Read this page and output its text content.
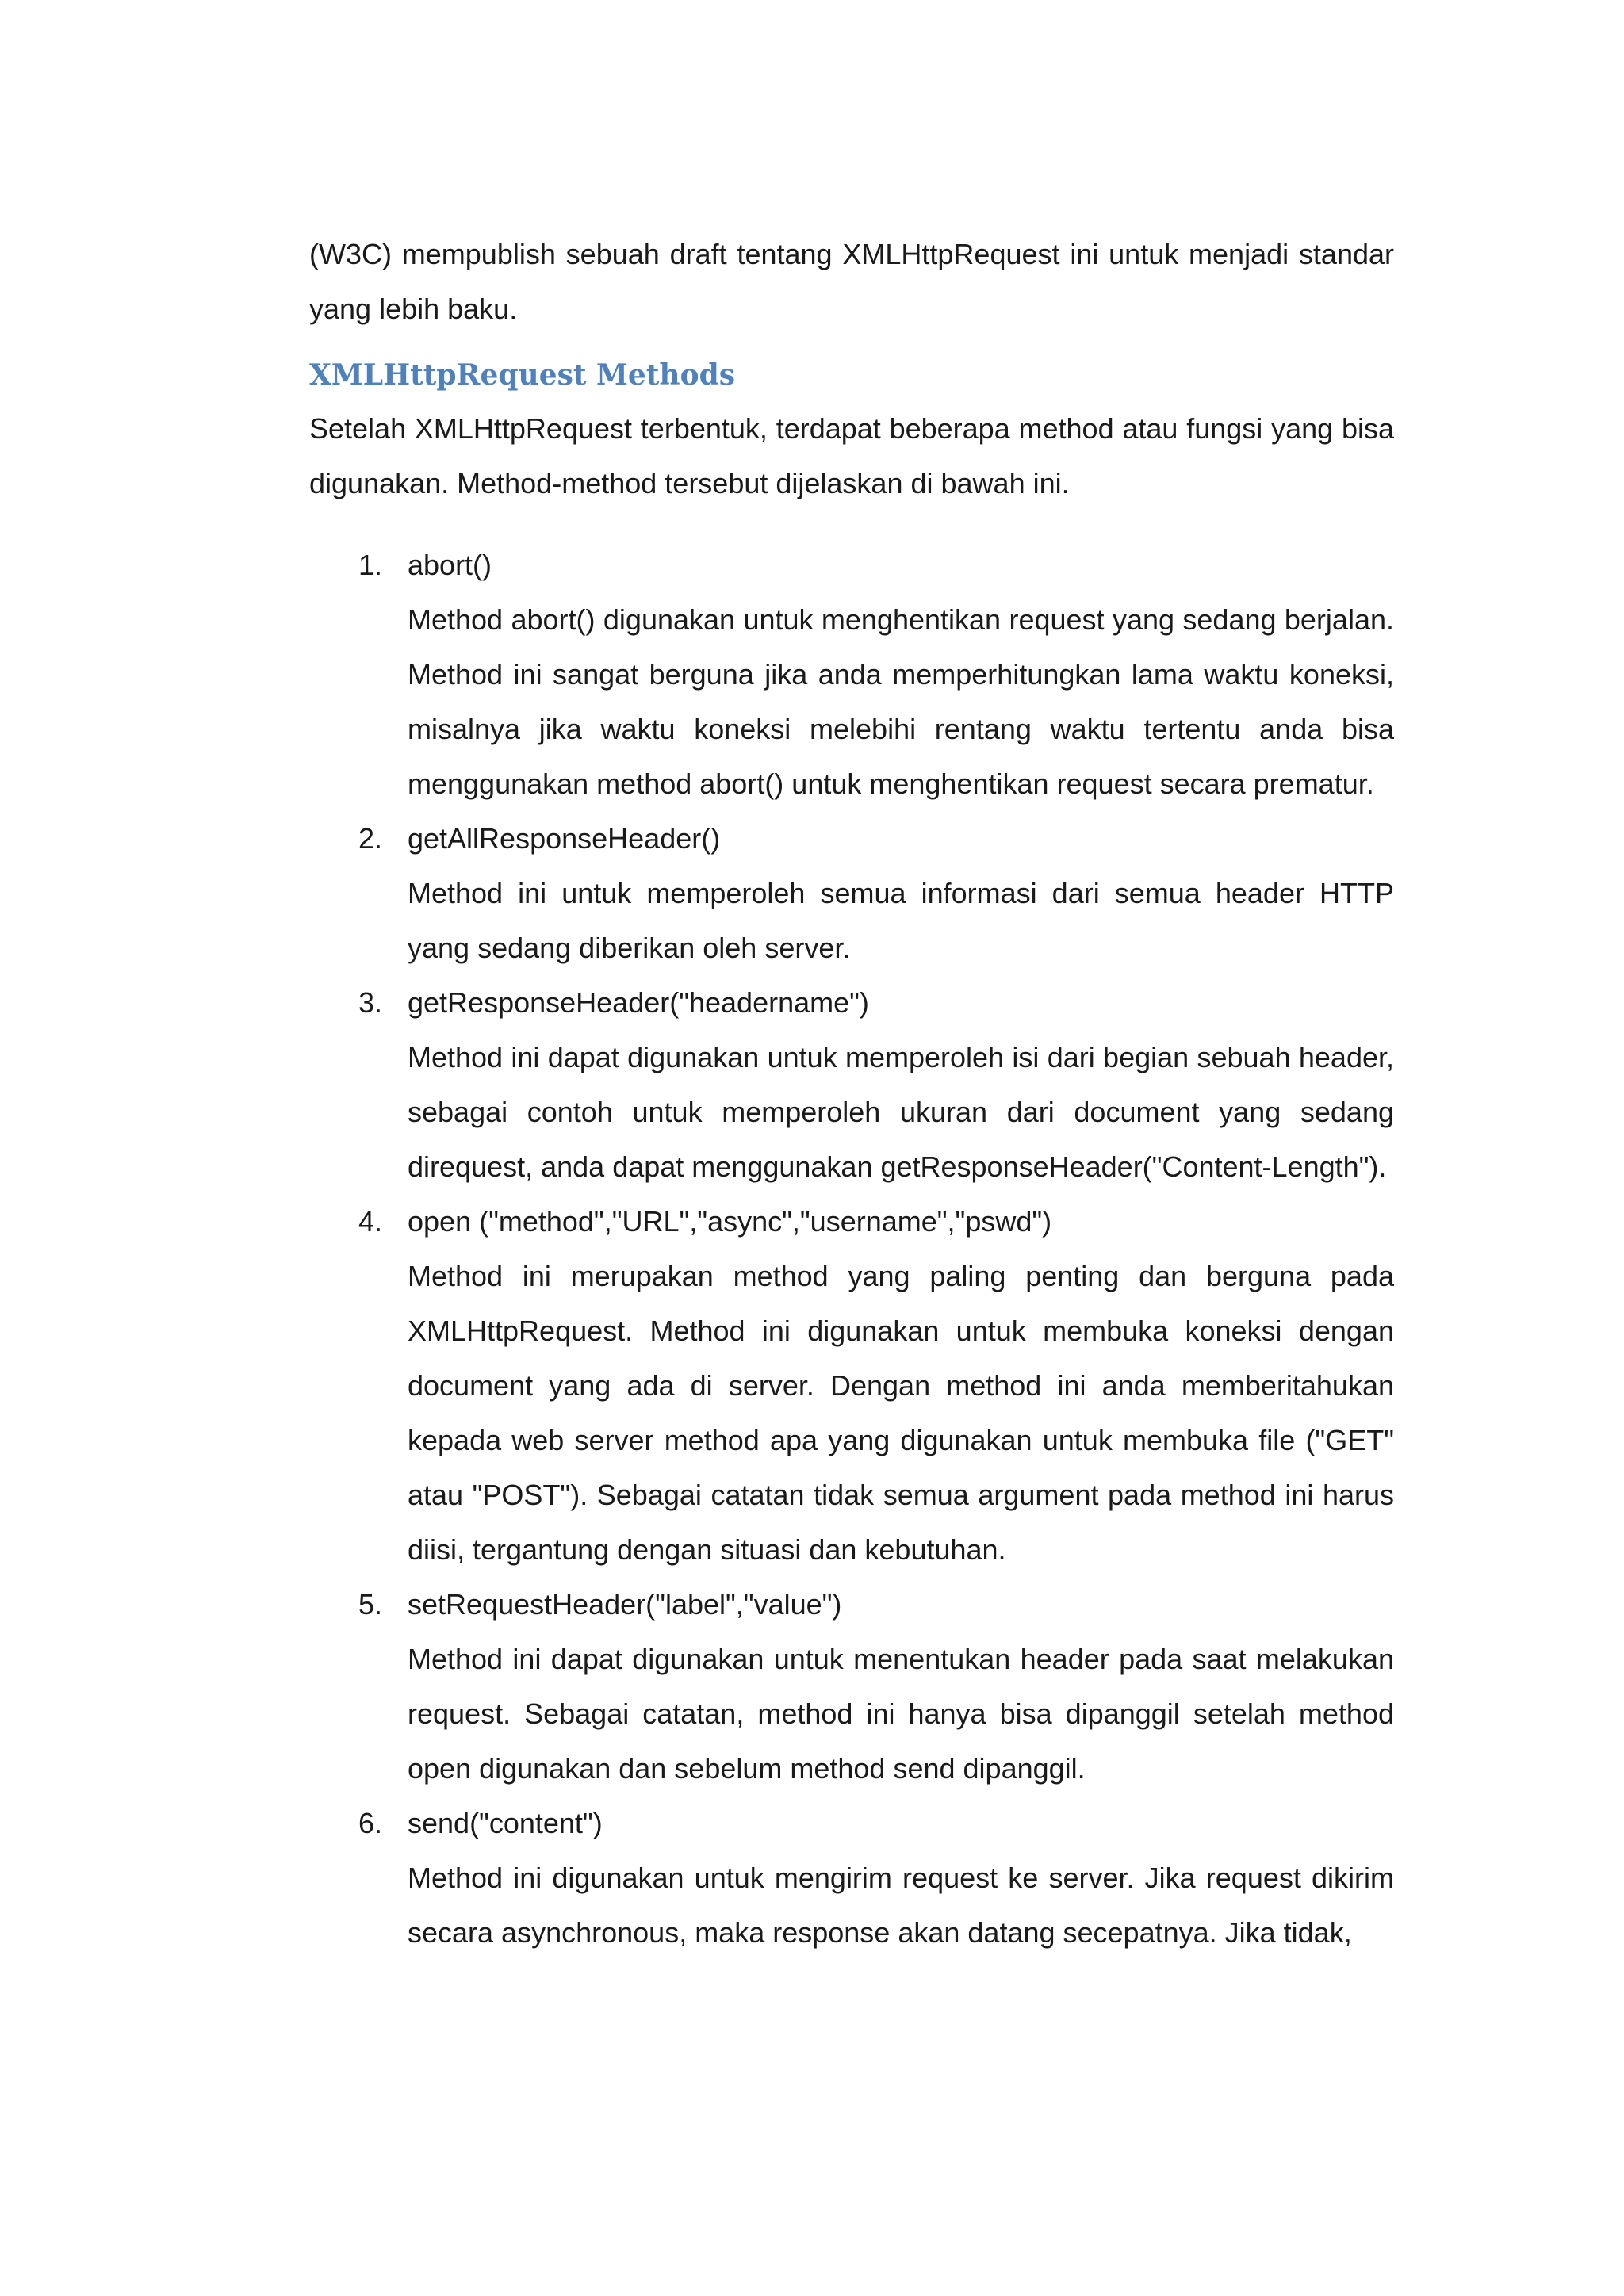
(W3C) mempublish sebuah draft tentang XMLHttpRequest ini untuk menjadi standar yang lebih baku.

XMLHttpRequest Methods

Setelah XMLHttpRequest terbentuk, terdapat beberapa method atau fungsi yang bisa digunakan. Method-method tersebut dijelaskan di bawah ini.

1. abort()

Method abort() digunakan untuk menghentikan request yang sedang berjalan. Method ini sangat berguna jika anda memperhitungkan lama waktu koneksi, misalnya jika waktu koneksi melebihi rentang waktu tertentu anda bisa menggunakan method abort() untuk menghentikan request secara prematur.

2. getAllResponseHeader()

Method ini untuk memperoleh semua informasi dari semua header HTTP yang sedang diberikan oleh server.

3. getResponseHeader("headername")

Method ini dapat digunakan untuk memperoleh isi dari begian sebuah header, sebagai contoh untuk memperoleh ukuran dari document yang sedang direquest, anda dapat menggunakan getResponseHeader("Content-Length").

4. open ("method","URL","async","username","pswd")

Method ini merupakan method yang paling penting dan berguna pada XMLHttpRequest. Method ini digunakan untuk membuka koneksi dengan document yang ada di server. Dengan method ini anda memberitahukan kepada web server method apa yang digunakan untuk membuka file ("GET" atau "POST"). Sebagai catatan tidak semua argument pada method ini harus diisi, tergantung dengan situasi dan kebutuhan.

5. setRequestHeader("label","value")

Method ini dapat digunakan untuk menentukan header pada saat melakukan request. Sebagai catatan, method ini hanya bisa dipanggil setelah method open digunakan dan sebelum method send dipanggil.

6. send("content")

Method ini digunakan untuk mengirim request ke server. Jika request dikirim secara asynchronous, maka response akan datang secepatnya. Jika tidak,
